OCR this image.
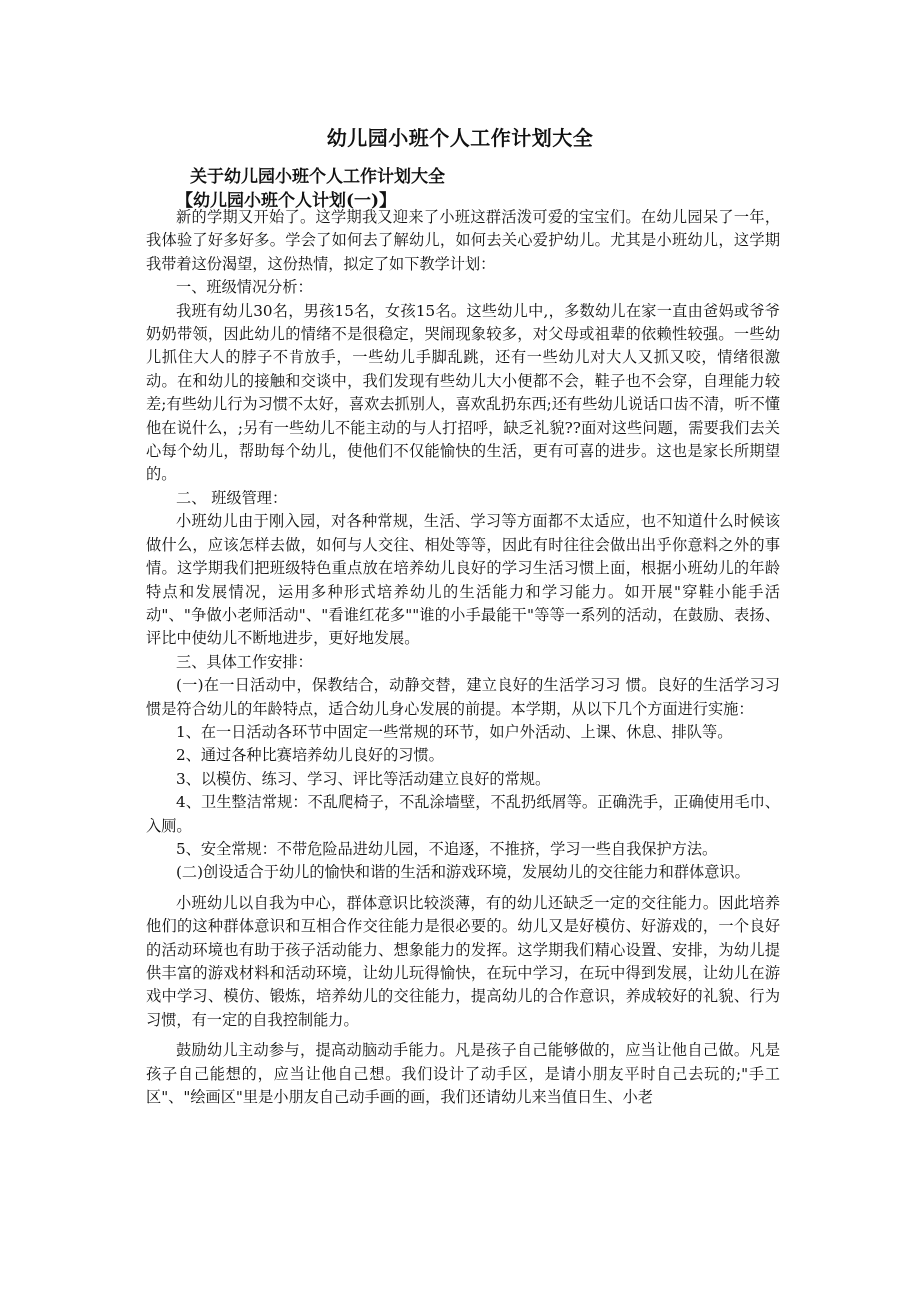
幼儿园小班个人工作计划大全
关于幼儿园小班个人工作计划大全
【幼儿园小班个人计划(一)】

新的学期又开始了。这学期我又迎来了小班这群活泼可爱的宝宝们。在幼儿园呆了一年，我体验了好多好多。学会了如何去了解幼儿，如何去关心爱护幼儿。尤其是小班幼儿，这学期我带着这份渴望，这份热情，拟定了如下教学计划：

一、班级情况分析：

我班有幼儿30名，男孩15名，女孩15名。这些幼儿中,，多数幼儿在家一直由爸妈或爷爷奶奶带领，因此幼儿的情绪不是很稳定，哭闹现象较多，对父母或祖辈的依赖性较强。一些幼儿抓住大人的脖子不肯放手，一些幼儿手脚乱跳，还有一些幼儿对大人又抓又咬，情绪很激动。在和幼儿的接触和交谈中，我们发现有些幼儿大小便都不会，鞋子也不会穿，自理能力较差;有些幼儿行为习惯不太好，喜欢去抓别人，喜欢乱扔东西;还有些幼儿说话口齿不清，听不懂他在说什么，;另有一些幼儿不能主动的与人打招呼，缺乏礼貌??面对这些问题，需要我们去关心每个幼儿，帮助每个幼儿，使他们不仅能愉快的生活，更有可喜的进步。这也是家长所期望的。

二、 班级管理：

小班幼儿由于刚入园，对各种常规，生活、学习等方面都不太适应，也不知道什么时候该做什么，应该怎样去做，如何与人交往、相处等等，因此有时往往会做出出乎你意料之外的事情。这学期我们把班级特色重点放在培养幼儿良好的学习生活习惯上面，根据小班幼儿的年龄特点和发展情况，运用多种形式培养幼儿的生活能力和学习能力。如开展"穿鞋小能手活动"、"争做小老师活动"、"看谁红花多""谁的小手最能干"等等一系列的活动，在鼓励、表扬、评比中使幼儿不断地进步，更好地发展。

三、具体工作安排：

(一)在一日活动中，保教结合，动静交替，建立良好的生活学习习 惯。良好的生活学习习惯是符合幼儿的年龄特点，适合幼儿身心发展的前提。本学期，从以下几个方面进行实施：

1、在一日活动各环节中固定一些常规的环节，如户外活动、上课、休息、排队等。

2、通过各种比赛培养幼儿良好的习惯。

3、以模仿、练习、学习、评比等活动建立良好的常规。

4、卫生整洁常规：不乱爬椅子，不乱涂墙壁，不乱扔纸屑等。正确洗手，正确使用毛巾、入厕。

5、安全常规：不带危险品进幼儿园，不追逐，不推挤，学习一些自我保护方法。

(二)创设适合于幼儿的愉快和谐的生活和游戏环境，发展幼儿的交往能力和群体意识。

小班幼儿以自我为中心，群体意识比较淡薄，有的幼儿还缺乏一定的交往能力。因此培养他们的这种群体意识和互相合作交往能力是很必要的。幼儿又是好模仿、好游戏的，一个良好的活动环境也有助于孩子活动能力、想象能力的发挥。这学期我们精心设置、安排，为幼儿提供丰富的游戏材料和活动环境，让幼儿玩得愉快，在玩中学习，在玩中得到发展，让幼儿在游戏中学习、模仿、锻炼，培养幼儿的交往能力，提高幼儿的合作意识，养成较好的礼貌、行为习惯，有一定的自我控制能力。

鼓励幼儿主动参与，提高动脑动手能力。凡是孩子自己能够做的，应当让他自己做。凡是孩子自己能想的，应当让他自己想。我们设计了动手区，是请小朋友平时自己去玩的;"手工区"、"绘画区"里是小朋友自己动手画的画，我们还请幼儿来当值日生、小老
